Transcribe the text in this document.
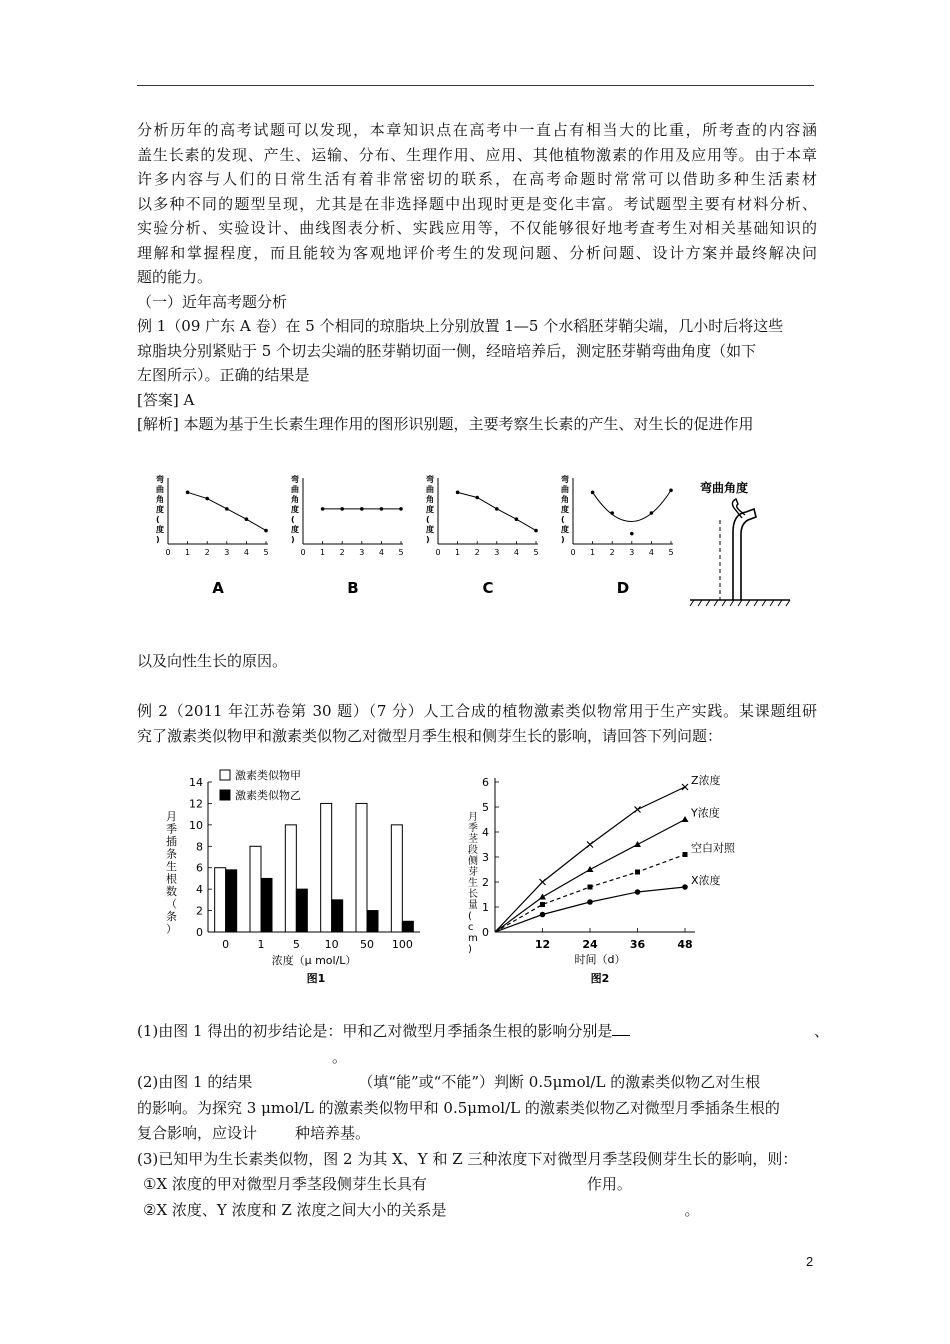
分析历年的高考试题可以发现，本章知识点在高考中一直占有相当大的比重，所考查的内容涵
盖生长素的发现、产生、运输、分布、生理作用、应用、其他植物激素的作用及应用等。由于本章
许多内容与人们的日常生活有着非常密切的联系，在高考命题时常常可以借助多种生活素材
以多种不同的题型呈现，尤其是在非选择题中出现时更是变化丰富。考试题型主要有材料分析、
实验分析、实验设计、曲线图表分析、实践应用等，不仅能够很好地考查考生对相关基础知识的
理解和掌握程度，而且能较为客观地评价考生的发现问题、分析问题、设计方案并最终解决问
题的能力。
（一）近年高考题分析
例 1（09 广东 A 卷）在 5 个相同的琼脂块上分别放置 1—5 个水稻胚芽鞘尖端，几小时后将这些
琼脂块分别紧贴于 5 个切去尖端的胚芽鞘切面一侧，经暗培养后，测定胚芽鞘弯曲角度（如下
左图所示）。正确的结果是
[答案] A
[解析] 本题为基于生长素生理作用的图形识别题，主要考察生长素的产生、对生长的促进作用

弯曲角度(度)
0 1 2 3 4 5
A
弯曲角度(度)
0 1 2 3 4 5
B
弯曲角度(度)
0 1 2 3 4 5
C
弯曲角度(度)
0 1 2 3 4 5
D
弯曲角度

以及向性生长的原因。

例 2（2011 年江苏卷第 30 题）（7 分）人工合成的植物激素类似物常用于生产实践。某课题组研
究了激素类似物甲和激素类似物乙对微型月季生根和侧芽生长的影响，请回答下列问题：

0
2
4
6
8
10
12
14
月季插条生根数（条）
0	1	5 10 50 100
浓度（μ mol/L）
图1
激素类似物甲
激素类似物乙
0
1
2
3
4
5
6
12	24	36	48
月季茎段侧芽生长量( c m )
时间（d）
图2
Z浓度
Y浓度
空白对照
X浓度

(1)由图 1 得出的初步结论是：甲和乙对微型月季插条生根的影响分别是	、
。
(2)由图 1 的结果	（填“能”或“不能”）判断 0.5μmol/L 的激素类似物乙对生根
的影响。为探究 3 μmol/L 的激素类似物甲和 0.5μmol/L 的激素类似物乙对微型月季插条生根的
复合影响，应设计	种培养基。
(3)已知甲为生长素类似物，图 2 为其 X、Y 和 Z 三种浓度下对微型月季茎段侧芽生长的影响，则：
①X 浓度的甲对微型月季茎段侧芽生长具有	作用。
②X 浓度、Y 浓度和 Z 浓度之间大小的关系是	。

2
